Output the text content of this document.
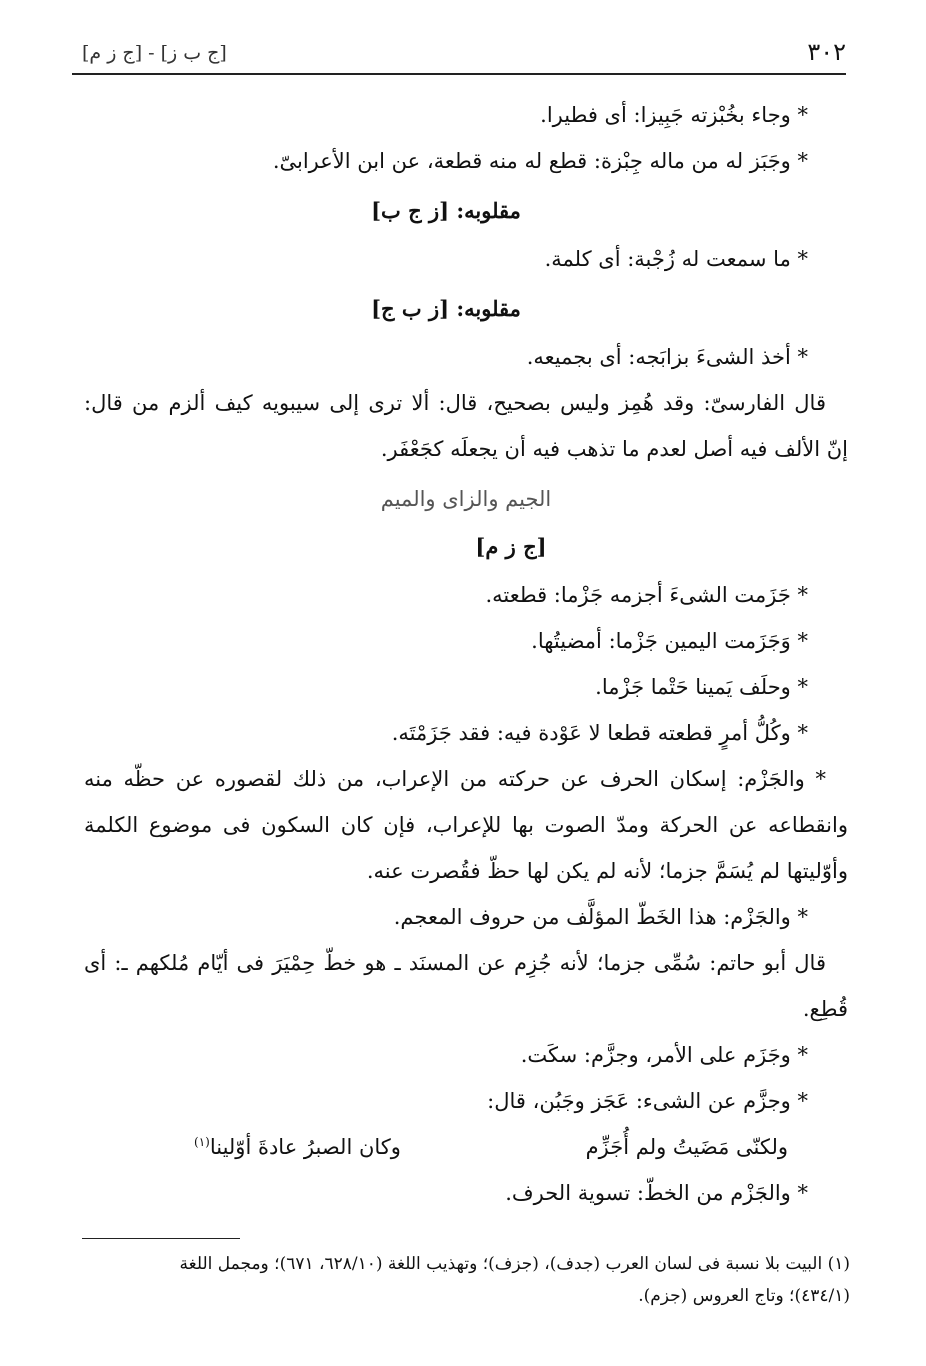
٣٠٢
[ج ب ز] - [ج ز م]

* وجاء بخُبْزته جَبِيزا: أى فطيرا.

* وجَبَز له من ماله جِبْزة: قطع له منه قطعة، عن ابن الأعرابىّ.

مقلوبه: [ز ج ب]

* ما سمعت له زُجْبة: أى كلمة.

مقلوبه: [ز ب ج]

* أخذ الشىءَ بزابَجه: أى بجميعه.

قال الفارسىّ: وقد هُمِز وليس بصحيح، قال: ألا ترى إلى سيبويه كيف ألزم من قال:

إنّ الألف فيه أصل لعدم ما تذهب فيه أن يجعلَه كجَعْفَر.

الجيم والزاى والميم
[ج ز م]

* جَزَمت الشىءَ أجزمه جَزْما: قطعته.

* وَجَزَمت اليمين جَزْما: أمضيتُها.

* وحلَف يَمينا حَتْما جَزْما.

* وكُلُّ أمرٍ قطعته قطعا لا عَوْدة فيه: فقد جَزَمْتَه.

* والجَزْم: إسكان الحرف عن حركته من الإعراب، من ذلك لقصوره عن حظّه منه

وانقطاعه عن الحركة ومدّ الصوت بها للإعراب، فإن كان السكون فى موضوع الكلمة

وأوّليتها لم يُسَمَّ جزما؛ لأنه لم يكن لها حظّ فقُصرت عنه.

* والجَزْم: هذا الخَطّ المؤلَّف من حروف المعجم.

قال أبو حاتم: سُمِّى جزما؛ لأنه جُزِم عن المسنَد ـ هو خطّ حِمْيَرَ فى أيّام مُلكهم ـ: أى

قُطِع.

* وجَزَم على الأمر، وجزَّم: سكَت.

* وجزَّم عن الشىء: عَجَز وجَبُن، قال:

ولكنّى مَضَيتُ ولم أُجَزِّم
وكان الصبرُ عادةَ أوّلينا$^{(١)}$

* والجَزْم من الخطّ: تسوية الحرف.

(١) البيت بلا نسبة فى لسان العرب (جدف)، (جزف)؛ وتهذيب اللغة (٦٢٨/١٠، ٦٧١)؛ ومجمل اللغة

(٤٣٤/١)؛ وتاج العروس (جزم).
